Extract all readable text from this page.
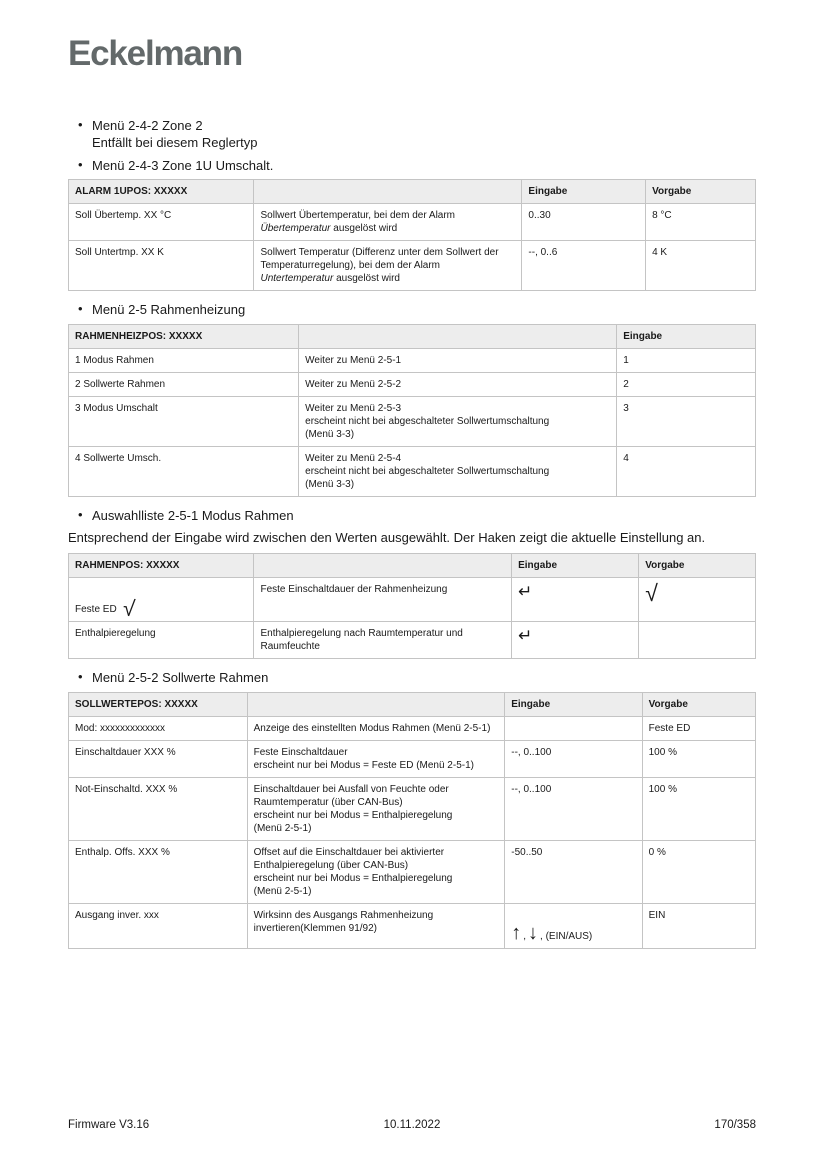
Eckelmann
• Menü 2-4-2 Zone 2
Entfällt bei diesem Reglertyp
• Menü 2-4-3 Zone 1U Umschalt.
ALARM 1UPOS: XXXXX		Eingabe	Vorgabe

Soll Übertemp. XX °C	Sollwert Übertemperatur, bei dem der Alarm Übertemperatur ausgelöst wird	0..30	8 °C

Soll Untertmp. XX K	Sollwert Temperatur (Differenz unter dem Sollwert der Temperaturregelung), bei dem der Alarm Untertemperatur ausgelöst wird	--, 0..6	4 K
• Menü 2-5 Rahmenheizung
RAHMENHEIZPOS: XXXXX		Eingabe

1 Modus Rahmen	Weiter zu Menü 2-5-1	1

2 Sollwerte Rahmen	Weiter zu Menü 2-5-2	2

3 Modus Umschalt	Weiter zu Menü 2-5-3
erscheint nicht bei abgeschalteter Sollwertumschaltung
(Menü 3-3)	3

4 Sollwerte Umsch.	Weiter zu Menü 2-5-4
erscheint nicht bei abgeschalteter Sollwertumschaltung
(Menü 3-3)	4
• Auswahlliste 2-5-1 Modus Rahmen
Entsprechend der Eingabe wird zwischen den Werten ausgewählt. Der Haken zeigt die aktuelle Einstellung an.
RAHMENPOS: XXXXX		Eingabe	Vorgabe

Feste ED √	Feste Einschaltdauer der Rahmenheizung	↵	√

Enthalpieregelung	Enthalpieregelung nach Raumtemperatur und Raumfeuchte	↵	

• Menü 2-5-2 Sollwerte Rahmen
SOLLWERTEPOS: XXXXX		Eingabe	Vorgabe

Mod: xxxxxxxxxxxxx	Anzeige des einstellten Modus Rahmen (Menü 2-5-1)		Feste ED

Einschaltdauer XXX %	Feste Einschaltdauer
erscheint nur bei Modus = Feste ED (Menü 2-5-1)	--, 0..100	100 %

Not-Einschaltd. XXX %	Einschaltdauer bei Ausfall von Feuchte oder Raumtemperatur (über CAN-Bus)
erscheint nur bei Modus = Enthalpieregelung
(Menü 2-5-1)	--, 0..100	100 %

Enthalp. Offs. XXX %	Offset auf die Einschaltdauer bei aktivierter Enthalpieregelung (über CAN-Bus)
erscheint nur bei Modus = Enthalpieregelung
(Menü 2-5-1)	-50..50	0 %

Ausgang inver. xxx	Wirksinn des Ausgangs Rahmenheizung invertieren(Klemmen 91/92)	↑ , ↓ , (EIN/AUS)	EIN
Firmware V3.16	10.11.2022	170/358
